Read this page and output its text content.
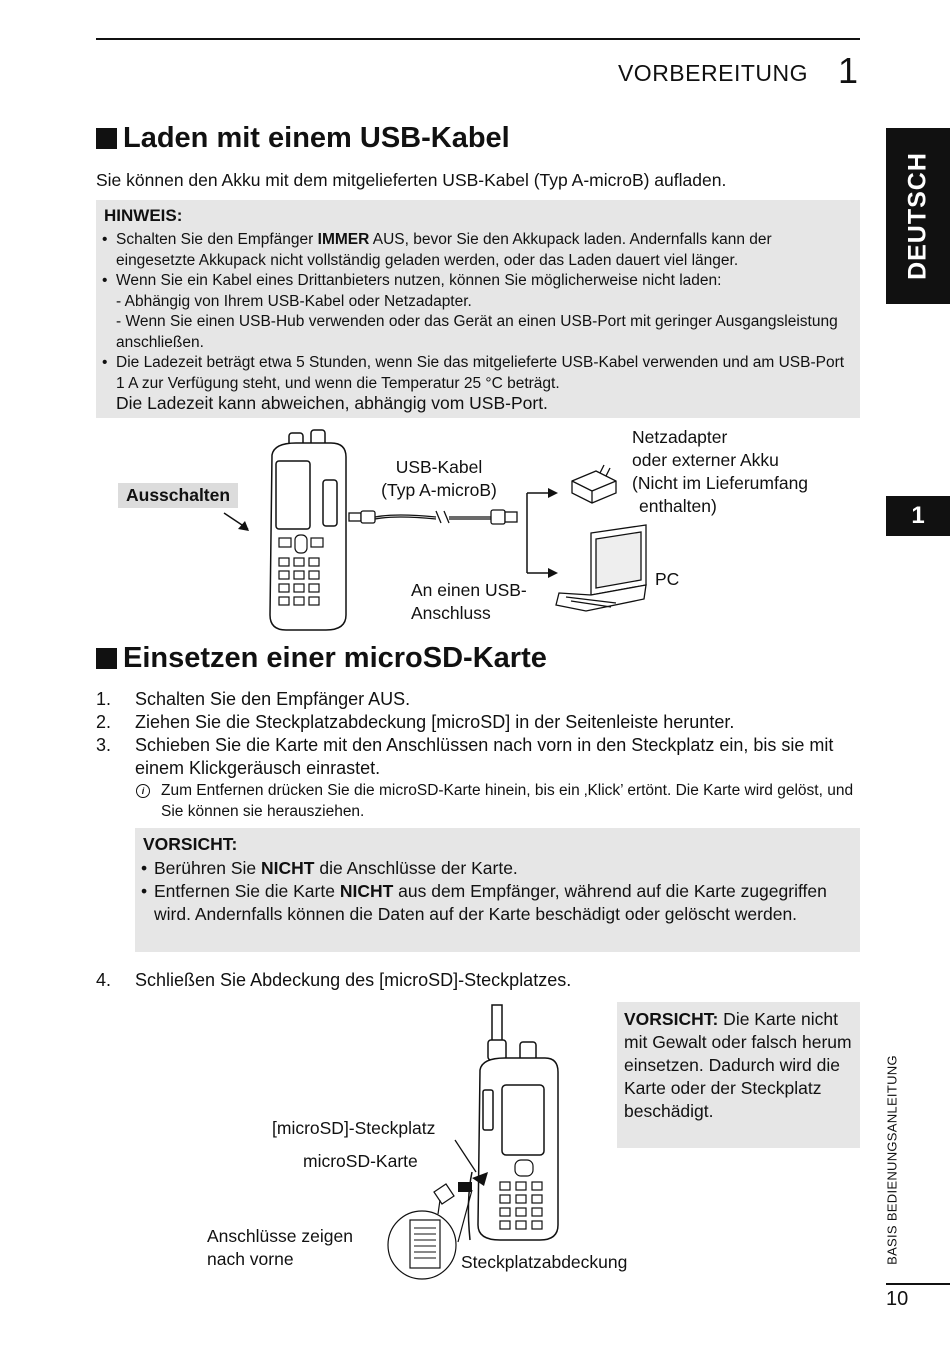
VORBEREITUNG 1
DEUTSCH
1
BASIS BEDIENUNGSANLEITUNG
10
Laden mit einem USB-Kabel
Sie können den Akku mit dem mitgelieferten USB-Kabel (Typ A-microB) aufladen.
HINWEIS:
• Schalten Sie den Empfänger IMMER AUS, bevor Sie den Akkupack laden. Andernfalls kann der eingesetzte Akkupack nicht vollständig geladen werden, oder das Laden dauert viel länger.
• Wenn Sie ein Kabel eines Drittanbieters nutzen, können Sie möglicherweise nicht laden:
- Abhängig von Ihrem USB-Kabel oder Netzadapter.
- Wenn Sie einen USB-Hub verwenden oder das Gerät an einen USB-Port mit geringer Ausgangsleistung anschließen.
• Die Ladezeit beträgt etwa 5 Stunden, wenn Sie das mitgelieferte USB-Kabel verwenden und am USB-Port 1 A zur Verfügung steht, und wenn die Temperatur 25 °C beträgt.
Die Ladezeit kann abweichen, abhängig vom USB-Port.
Ausschalten
USB-Kabel
(Typ A-microB)
Netzadapter
oder externer Akku
(Nicht im Lieferumfang
enthalten)
An einen USB-
Anschluss
PC
Einsetzen einer microSD-Karte
1. Schalten Sie den Empfänger AUS.
2. Ziehen Sie die Steckplatzabdeckung [microSD] in der Seitenleiste herunter.
3. Schieben Sie die Karte mit den Anschlüssen nach vorn in den Steckplatz ein, bis sie mit einem Klickgeräusch einrastet.
i	Zum Entfernen drücken Sie die microSD-Karte hinein, bis ein ‚Klick’ ertönt. Die Karte wird gelöst, und Sie können sie herausziehen.
VORSICHT:
• Berühren Sie NICHT die Anschlüsse der Karte.
• Entfernen Sie die Karte NICHT aus dem Empfänger, während auf die Karte zugegriffen wird. Andernfalls können die Daten auf der Karte beschädigt oder gelöscht werden.
4. Schließen Sie Abdeckung des [microSD]-Steckplatzes.
VORSICHT: Die Karte nicht mit Gewalt oder falsch herum einsetzen. Dadurch wird die Karte oder der Steckplatz beschädigt.
[microSD]-Steckplatz
microSD-Karte
Anschlüsse zeigen
nach vorne	Steckplatzabdeckung
